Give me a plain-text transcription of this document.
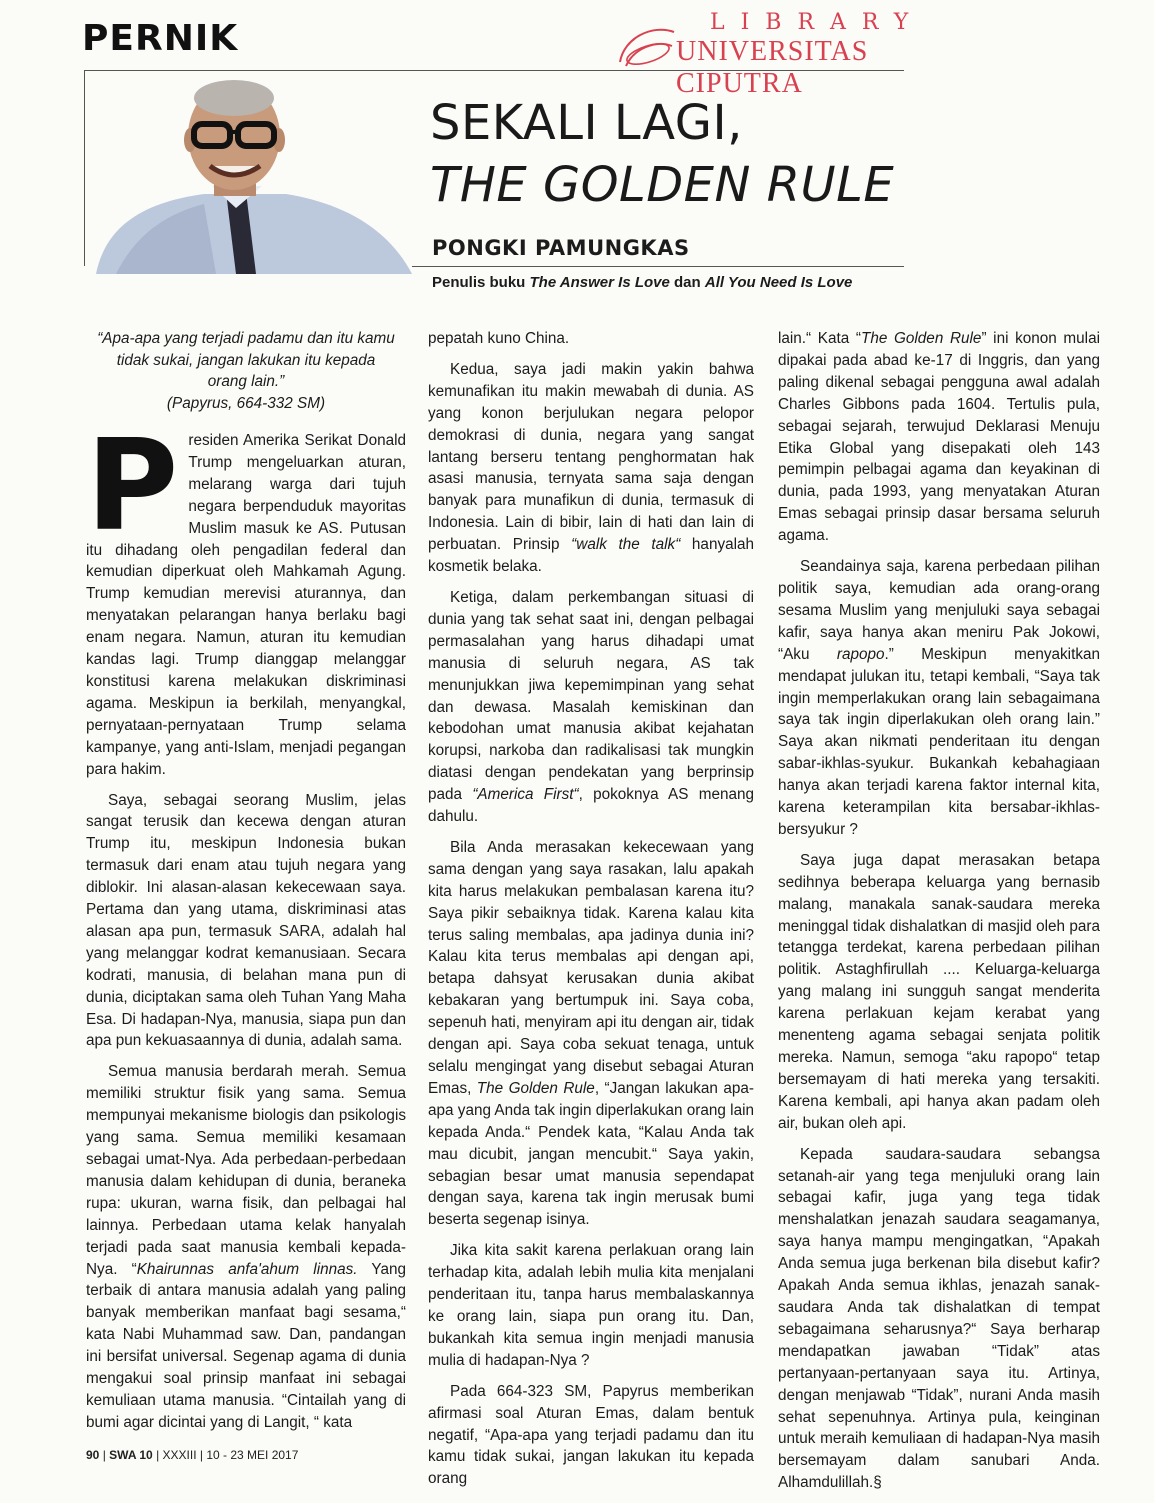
PERNIK	LIBRARY
UNIVERSITAS CIPUTRA
SEKALI LAGI,

THE GOLDEN RULE
PONGKI PAMUNGKAS
Penulis buku The Answer Is Love dan All You Need Is Love
“Apa-apa yang terjadi padamu dan itu kamu tidak sukai, jangan lakukan itu kepada orang lain.”
(Papyrus, 664-332 SM)

Presiden Amerika Serikat Donald Trump mengeluarkan aturan, melarang warga dari tujuh negara berpenduduk mayoritas Muslim masuk ke AS. Putusan itu dihadang oleh pengadilan federal dan kemudian diperkuat oleh Mahkamah Agung. Trump kemudian merevisi aturannya, dan menyatakan pelarangan hanya berlaku bagi enam negara. Namun, aturan itu kemudian kandas lagi. Trump dianggap melanggar konstitusi karena melakukan diskriminasi agama. Meskipun ia berkilah, menyangkal, pernyataan-pernyataan Trump selama kampanye, yang anti-Islam, menjadi pegangan para hakim.

Saya, sebagai seorang Muslim, jelas sangat terusik dan kecewa dengan aturan Trump itu, meskipun Indonesia bukan termasuk dari enam atau tujuh negara yang diblokir. Ini alasan-alasan kekecewaan saya. Pertama dan yang utama, diskriminasi atas alasan apa pun, termasuk SARA, adalah hal yang melanggar kodrat kemanusiaan. Secara kodrati, manusia, di belahan mana pun di dunia, diciptakan sama oleh Tuhan Yang Maha Esa. Di hadapan-Nya, manusia, siapa pun dan apa pun kekuasaannya di dunia, adalah sama.

Semua manusia berdarah merah. Semua memiliki struktur fisik yang sama. Semua mempunyai mekanisme biologis dan psikologis yang sama. Semua memiliki kesamaan sebagai umat-Nya. Ada perbedaan-perbedaan manusia dalam kehidupan di dunia, beraneka rupa: ukuran, warna fisik, dan pelbagai hal lainnya. Perbedaan utama kelak hanyalah terjadi pada saat manusia kembali kepada-Nya. “Khairunnas anfa'ahum linnas. Yang terbaik di antara manusia adalah yang paling banyak memberikan manfaat bagi sesama,“ kata Nabi Muhammad saw. Dan, pandangan ini bersifat universal. Segenap agama di dunia mengakui soal prinsip manfaat ini sebagai kemuliaan utama manusia. “Cintailah yang di bumi agar dicintai yang di Langit, “ kata

pepatah kuno China.

Kedua, saya jadi makin yakin bahwa kemunafikan itu makin mewabah di dunia. AS yang konon berjulukan negara pelopor demokrasi di dunia, negara yang sangat lantang berseru tentang penghormatan hak asasi manusia, ternyata sama saja dengan banyak para munafikun di dunia, termasuk di Indonesia. Lain di bibir, lain di hati dan lain di perbuatan. Prinsip “walk the talk“ hanyalah kosmetik belaka.

Ketiga, dalam perkembangan situasi di dunia yang tak sehat saat ini, dengan pelbagai permasalahan yang harus dihadapi umat manusia di seluruh negara, AS tak menunjukkan jiwa kepemimpinan yang sehat dan dewasa. Masalah kemiskinan dan kebodohan umat manusia akibat kejahatan korupsi, narkoba dan radikalisasi tak mungkin diatasi dengan pendekatan yang berprinsip pada “America First“, pokoknya AS menang dahulu.

Bila Anda merasakan kekecewaan yang sama dengan yang saya rasakan, lalu apakah kita harus melakukan pembalasan karena itu? Saya pikir sebaiknya tidak. Karena kalau kita terus saling membalas, apa jadinya dunia ini? Kalau kita terus membalas api dengan api, betapa dahsyat kerusakan dunia akibat kebakaran yang bertumpuk ini. Saya coba, sepenuh hati, menyiram api itu dengan air, tidak dengan api. Saya coba sekuat tenaga, untuk selalu mengingat yang disebut sebagai Aturan Emas, The Golden Rule, “Jangan lakukan apa-apa yang Anda tak ingin diperlakukan orang lain kepada Anda.“ Pendek kata, “Kalau Anda tak mau dicubit, jangan mencubit.“ Saya yakin, sebagian besar umat manusia sependapat dengan saya, karena tak ingin merusak bumi beserta segenap isinya.

Jika kita sakit karena perlakuan orang lain terhadap kita, adalah lebih mulia kita menjalani penderitaan itu, tanpa harus membalaskannya ke orang lain, siapa pun orang itu. Dan, bukankah kita semua ingin menjadi manusia mulia di hadapan-Nya ?

Pada 664-323 SM, Papyrus memberikan afirmasi soal Aturan Emas, dalam bentuk negatif, “Apa-apa yang terjadi padamu dan itu kamu tidak sukai, jangan lakukan itu kepada orang

lain.“ Kata “The Golden Rule” ini konon mulai dipakai pada abad ke-17 di Inggris, dan yang paling dikenal sebagai pengguna awal adalah Charles Gibbons pada 1604. Tertulis pula, sebagai sejarah, terwujud Deklarasi Menuju Etika Global yang disepakati oleh 143 pemimpin pelbagai agama dan keyakinan di dunia, pada 1993, yang menyatakan Aturan Emas sebagai prinsip dasar bersama seluruh agama.

Seandainya saja, karena perbedaan pilihan politik saya, kemudian ada orang-orang sesama Muslim yang menjuluki saya sebagai kafir, saya hanya akan meniru Pak Jokowi, “Aku rapopo.” Meskipun menyakitkan mendapat julukan itu, tetapi kembali, “Saya tak ingin memperlakukan orang lain sebagaimana saya tak ingin diperlakukan oleh orang lain.” Saya akan nikmati penderitaan itu dengan sabar-ikhlas-syukur. Bukankah kebahagiaan hanya akan terjadi karena faktor internal kita, karena keterampilan kita bersabar-ikhlas-bersyukur ?

Saya juga dapat merasakan betapa sedihnya beberapa keluarga yang bernasib malang, manakala sanak-saudara mereka meninggal tidak dishalatkan di masjid oleh para tetangga terdekat, karena perbedaan pilihan politik. Astaghfirullah .... Keluarga-keluarga yang malang ini sungguh sangat menderita karena perlakuan kejam kerabat yang menenteng agama sebagai senjata politik mereka. Namun, semoga “aku rapopo“ tetap bersemayam di hati mereka yang tersakiti. Karena kembali, api hanya akan padam oleh air, bukan oleh api.

Kepada saudara-saudara sebangsa setanah-air yang tega menjuluki orang lain sebagai kafir, juga yang tega tidak menshalatkan jenazah saudara seagamanya, saya hanya mampu mengingatkan, “Apakah Anda semua juga berkenan bila disebut kafir? Apakah Anda semua ikhlas, jenazah sanak-saudara Anda tak dishalatkan di tempat sebagaimana seharusnya?“ Saya berharap mendapatkan jawaban “Tidak” atas pertanyaan-pertanyaan saya itu. Artinya, dengan menjawab “Tidak”, nurani Anda masih sehat sepenuhnya. Artinya pula, keinginan untuk meraih kemuliaan di hadapan-Nya masih bersemayam dalam sanubari Anda. Alhamdulillah.§

90 | SWA 10 | XXXIII | 10 - 23 MEI 2017
